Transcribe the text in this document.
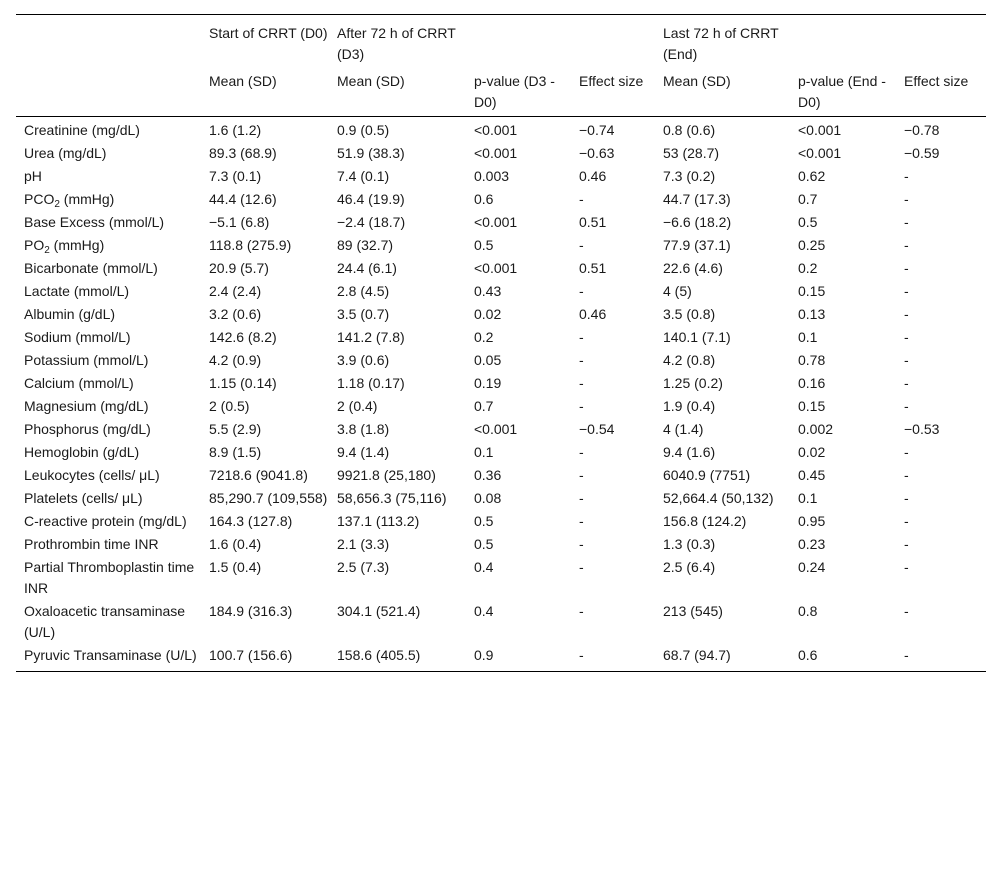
	Start of CRRT (D0)	After 72 h of CRRT (D3)			Last 72 h of CRRT (End)		
	Mean (SD)	Mean (SD)	p-value (D3 - D0)	Effect size	Mean (SD)	p-value (End - D0)	Effect size
Creatinine (mg/dL)	1.6 (1.2)	0.9 (0.5)	<0.001	−0.74	0.8 (0.6)	<0.001	−0.78
Urea (mg/dL)	89.3 (68.9)	51.9 (38.3)	<0.001	−0.63	53 (28.7)	<0.001	−0.59
pH	7.3 (0.1)	7.4 (0.1)	0.003	0.46	7.3 (0.2)	0.62	-
$PCO_2$ (mmHg)	44.4 (12.6)	46.4 (19.9)	0.6	-	44.7 (17.3)	0.7	-
Base Excess (mmol/L)	−5.1 (6.8)	−2.4 (18.7)	<0.001	0.51	−6.6 (18.2)	0.5	-
$PO_2$ (mmHg)	118.8 (275.9)	89 (32.7)	0.5	-	77.9 (37.1)	0.25	-
Bicarbonate (mmol/L)	20.9 (5.7)	24.4 (6.1)	<0.001	0.51	22.6 (4.6)	0.2	-
Lactate (mmol/L)	2.4 (2.4)	2.8 (4.5)	0.43	-	4 (5)	0.15	-
Albumin (g/dL)	3.2 (0.6)	3.5 (0.7)	0.02	0.46	3.5 (0.8)	0.13	-
Sodium (mmol/L)	142.6 (8.2)	141.2 (7.8)	0.2	-	140.1 (7.1)	0.1	-
Potassium (mmol/L)	4.2 (0.9)	3.9 (0.6)	0.05	-	4.2 (0.8)	0.78	-
Calcium (mmol/L)	1.15 (0.14)	1.18 (0.17)	0.19	-	1.25 (0.2)	0.16	-
Magnesium (mg/dL)	2 (0.5)	2 (0.4)	0.7	-	1.9 (0.4)	0.15	-
Phosphorus (mg/dL)	5.5 (2.9)	3.8 (1.8)	<0.001	−0.54	4 (1.4)	0.002	−0.53
Hemoglobin (g/dL)	8.9 (1.5)	9.4 (1.4)	0.1	-	9.4 (1.6)	0.02	-
Leukocytes (cells/ μL)	7218.6 (9041.8)	9921.8 (25,180)	0.36	-	6040.9 (7751)	0.45	-
Platelets (cells/ μL)	85,290.7 (109,558)	58,656.3 (75,116)	0.08	-	52,664.4 (50,132)	0.1	-
C-reactive protein (mg/dL)	164.3 (127.8)	137.1 (113.2)	0.5	-	156.8 (124.2)	0.95	-
Prothrombin time INR	1.6 (0.4)	2.1 (3.3)	0.5	-	1.3 (0.3)	0.23	-
Partial Thromboplastin time INR	1.5 (0.4)	2.5 (7.3)	0.4	-	2.5 (6.4)	0.24	-
Oxaloacetic transaminase (U/L)	184.9 (316.3)	304.1 (521.4)	0.4	-	213 (545)	0.8	-
Pyruvic Transaminase (U/L)	100.7 (156.6)	158.6 (405.5)	0.9	-	68.7 (94.7)	0.6	-
